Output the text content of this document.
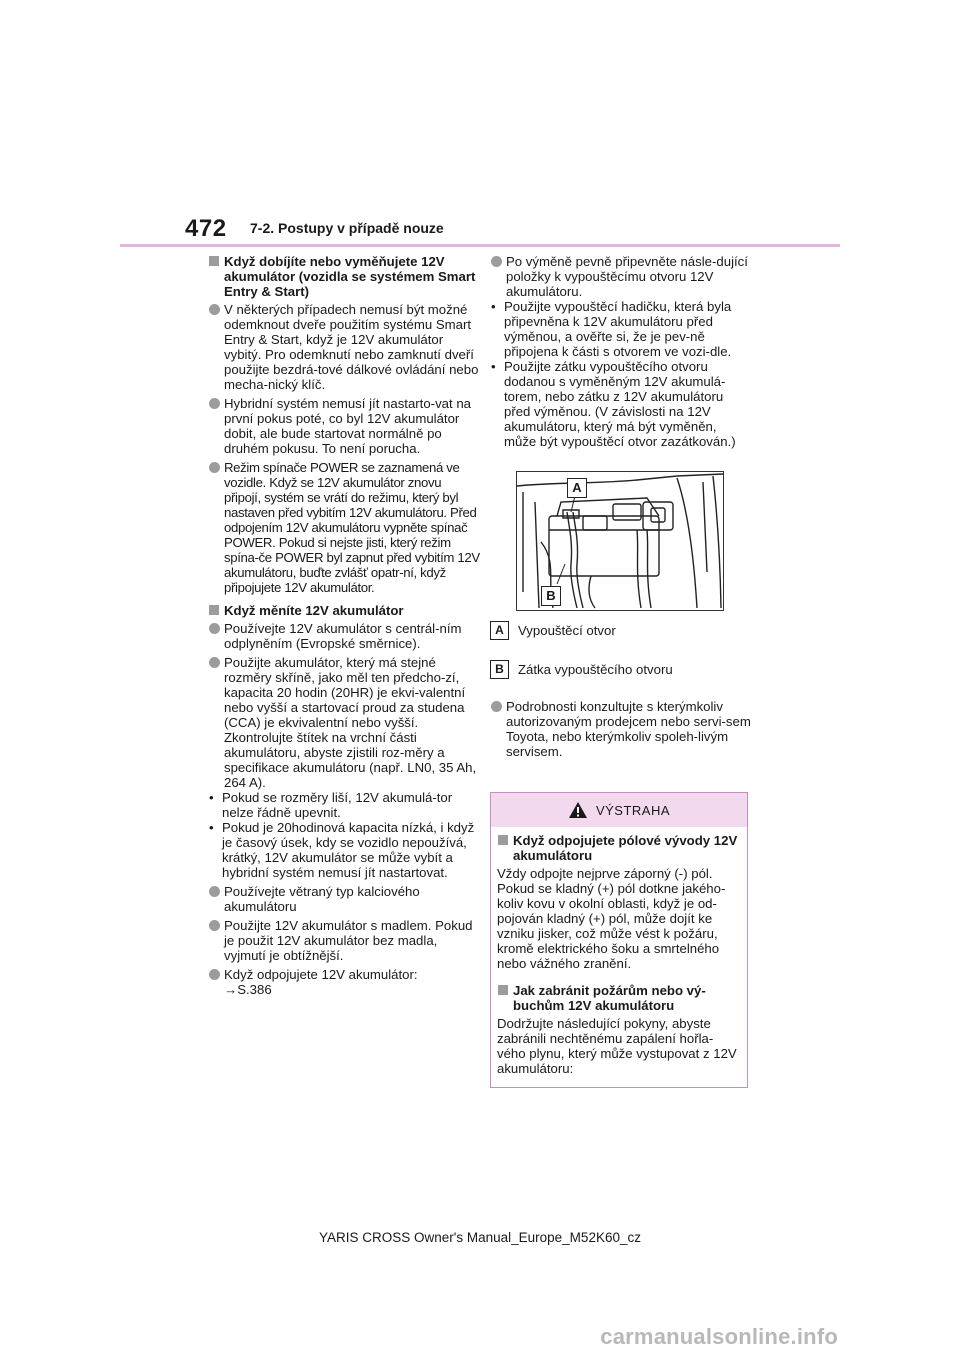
472 7-2. Postupy v případě nouze
Když dobíjíte nebo vyměňujete 12V akumulátor (vozidla se systémem Smart Entry & Start)
V některých případech nemusí být možné odemknout dveře použitím systému Smart Entry & Start, když je 12V akumulátor vybitý. Pro odemknutí nebo zamknutí dveří použijte bezdrá-tové dálkové ovládání nebo mecha-nický klíč.
Hybridní systém nemusí jít nastarto-vat na první pokus poté, co byl 12V akumulátor dobit, ale bude startovat normálně po druhém pokusu. To není porucha.
Režim spínače POWER se zaznamená ve vozidle. Když se 12V akumulátor znovu připojí, systém se vrátí do režimu, který byl nastaven před vybitím 12V akumulátoru. Před odpojením 12V akumulátoru vypněte spínač POWER. Pokud si nejste jisti, který režim spína-če POWER byl zapnut před vybitím 12V akumulátoru, buďte zvlášť opatr-ní, když připojujete 12V akumulátor.
Když měníte 12V akumulátor
Používejte 12V akumulátor s centrál-ním odplyněním (Evropské směrnice).
Použijte akumulátor, který má stejné rozměry skříně, jako měl ten předcho-zí, kapacita 20 hodin (20HR) je ekvi-valentní nebo vyšší a startovací proud za studena (CCA) je ekvivalentní nebo vyšší. Zkontrolujte štítek na vrchní části akumulátoru, abyste zjistili roz-měry a specifikace akumulátoru (např. LN0, 35 Ah, 264 A).
• Pokud se rozměry liší, 12V akumulá-tor nelze řádně upevnit.
• Pokud je 20hodinová kapacita nízká, i když je časový úsek, kdy se vozidlo nepoužívá, krátký, 12V akumulátor se může vybít a hybridní systém nemusí jít nastartovat.
Používejte větraný typ kalciového akumulátoru
Použijte 12V akumulátor s madlem. Pokud je použit 12V akumulátor bez madla, vyjmutí je obtížnější.
Když odpojujete 12V akumulátor:
→S.386
Po výměně pevně připevněte násle-dující položky k vypouštěcímu otvoru 12V akumulátoru.
• Použijte vypouštěcí hadičku, která byla připevněna k 12V akumulátoru před výměnou, a ověřte si, že je pev-ně připojena k části s otvorem ve vozi-dle.
• Použijte zátku vypouštěcího otvoru dodanou s vyměněným 12V akumulá-torem, nebo zátku z 12V akumulátoru před výměnou. (V závislosti na 12V akumulátoru, který má být vyměněn, může být vypouštěcí otvor zazátkován.)
A
B
A	Vypouštěcí otvor
B	Zátka vypouštěcího otvoru
Podrobnosti konzultujte s kterýmkoliv autorizovaným prodejcem nebo servi-sem Toyota, nebo kterýmkoliv spoleh-livým servisem.
VÝSTRAHA
Když odpojujete pólové vývody 12V akumulátoru

Vždy odpojte nejprve záporný (-) pól. Pokud se kladný (+) pól dotkne jakého-koliv kovu v okolní oblasti, když je od-pojován kladný (+) pól, může dojít ke vzniku jisker, což může vést k požáru, kromě elektrického šoku a smrtelného nebo vážného zranění.

Jak zabránit požárům nebo vý-buchům 12V akumulátoru

Dodržujte následující pokyny, abyste zabránili nechtěnému zapálení hořla-vého plynu, který může vystupovat z 12V akumulátoru:

YARIS CROSS Owner's Manual_Europe_M52K60_cz
carmanualsonline.info
